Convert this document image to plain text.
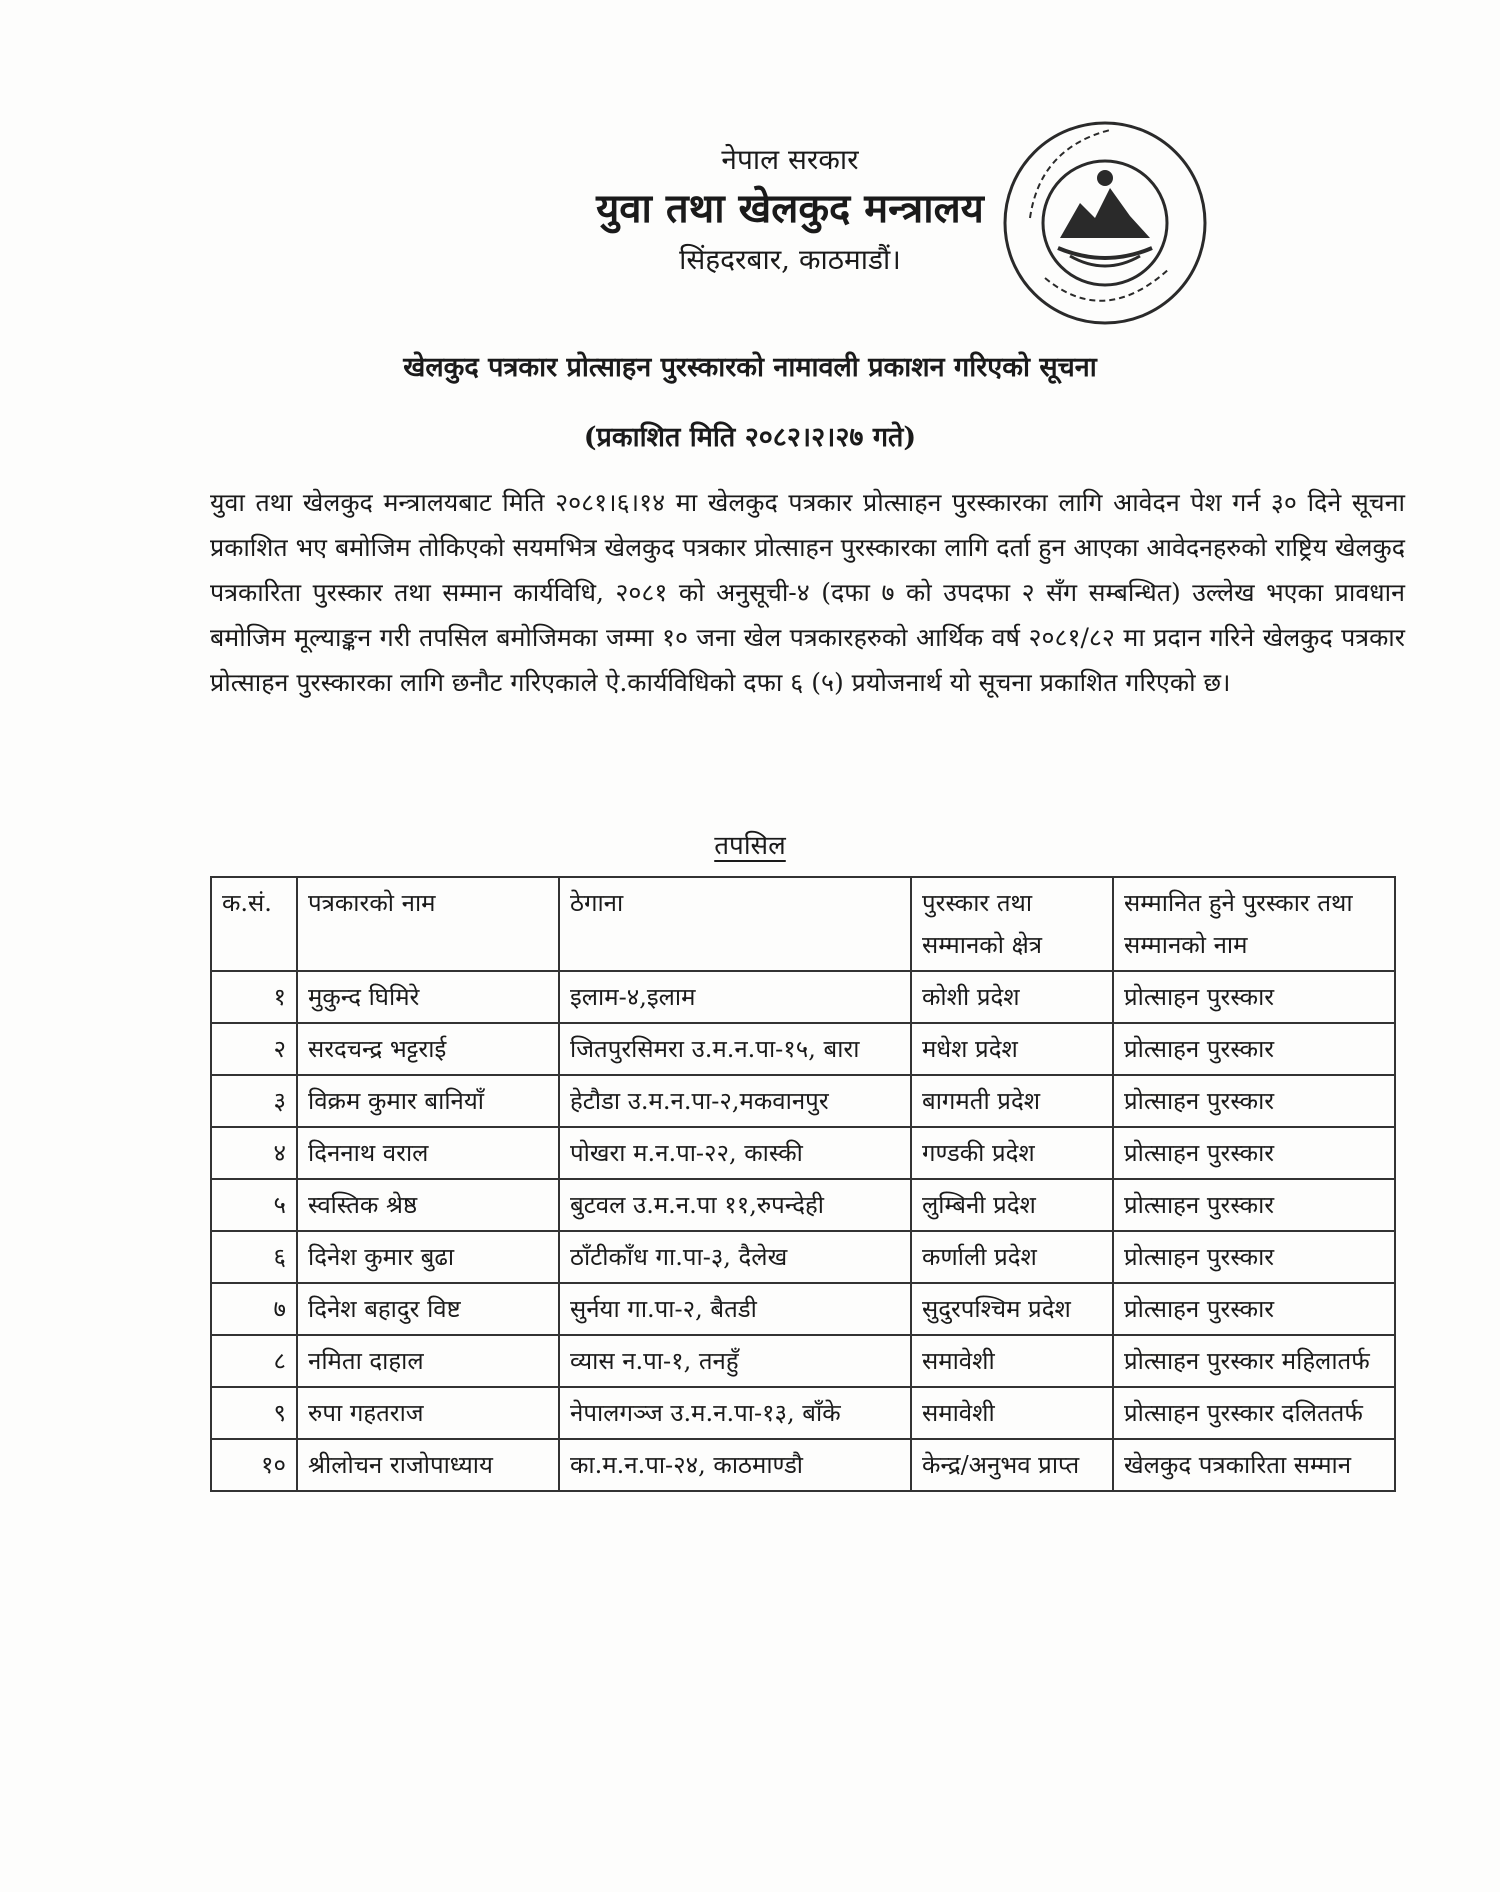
नेपाल सरकार
युवा तथा खेलकुद मन्त्रालय
सिंहदरबार, काठमाडौं।
खेलकुद पत्रकार प्रोत्साहन पुरस्कारको नामावली प्रकाशन गरिएको सूचना
(प्रकाशित मिति २०८२।२।२७ गते)
युवा तथा खेलकुद मन्त्रालयबाट मिति २०८१।६।१४ मा खेलकुद पत्रकार प्रोत्साहन पुरस्कारका लागि आवेदन पेश गर्न ३० दिने सूचना प्रकाशित भए बमोजिम तोकिएको सयमभित्र खेलकुद पत्रकार प्रोत्साहन पुरस्कारका लागि दर्ता हुन आएका आवेदनहरुको राष्ट्रिय खेलकुद पत्रकारिता पुरस्कार तथा सम्मान कार्यविधि, २०८१ को अनुसूची-४ (दफा ७ को उपदफा २ सँग सम्बन्धित) उल्लेख भएका प्रावधान बमोजिम मूल्याङ्कन गरी तपसिल बमोजिमका जम्मा १० जना खेल पत्रकारहरुको आर्थिक वर्ष २०८१/८२ मा प्रदान गरिने खेलकुद पत्रकार प्रोत्साहन पुरस्कारका लागि छनौट गरिएकाले ऐ.कार्यविधिको दफा ६ (५) प्रयोजनार्थ यो सूचना प्रकाशित गरिएको छ।
तपसिल
क.सं.	पत्रकारको नाम	ठेगाना	पुरस्कार तथा सम्मानको क्षेत्र	सम्मानित हुने पुरस्कार तथा सम्मानको नाम
१	मुकुन्द घिमिरे	इलाम-४,इलाम	कोशी प्रदेश	प्रोत्साहन पुरस्कार
२	सरदचन्द्र भट्टराई	जितपुरसिमरा उ.म.न.पा-१५, बारा	मधेश प्रदेश	प्रोत्साहन पुरस्कार
३	विक्रम कुमार बानियाँ	हेटौडा उ.म.न.पा-२,मकवानपुर	बागमती प्रदेश	प्रोत्साहन पुरस्कार
४	दिननाथ वराल	पोखरा म.न.पा-२२, कास्की	गण्डकी प्रदेश	प्रोत्साहन पुरस्कार
५	स्वस्तिक श्रेष्ठ	बुटवल उ.म.न.पा ११,रुपन्देही	लुम्बिनी प्रदेश	प्रोत्साहन पुरस्कार
६	दिनेश कुमार बुढा	ठाँटीकाँध गा.पा-३, दैलेख	कर्णाली प्रदेश	प्रोत्साहन पुरस्कार
७	दिनेश बहादुर विष्ट	सुर्नया गा.पा-२, बैतडी	सुदुरपश्चिम प्रदेश	प्रोत्साहन पुरस्कार
८	नमिता दाहाल	व्यास न.पा-१, तनहुँ	समावेशी	प्रोत्साहन पुरस्कार महिलातर्फ
९	रुपा गहतराज	नेपालगञ्ज उ.म.न.पा-१३, बाँके	समावेशी	प्रोत्साहन पुरस्कार दलिततर्फ
१०	श्रीलोचन राजोपाध्याय	का.म.न.पा-२४, काठमाण्डौ	केन्द्र/अनुभव प्राप्त	खेलकुद पत्रकारिता सम्मान
